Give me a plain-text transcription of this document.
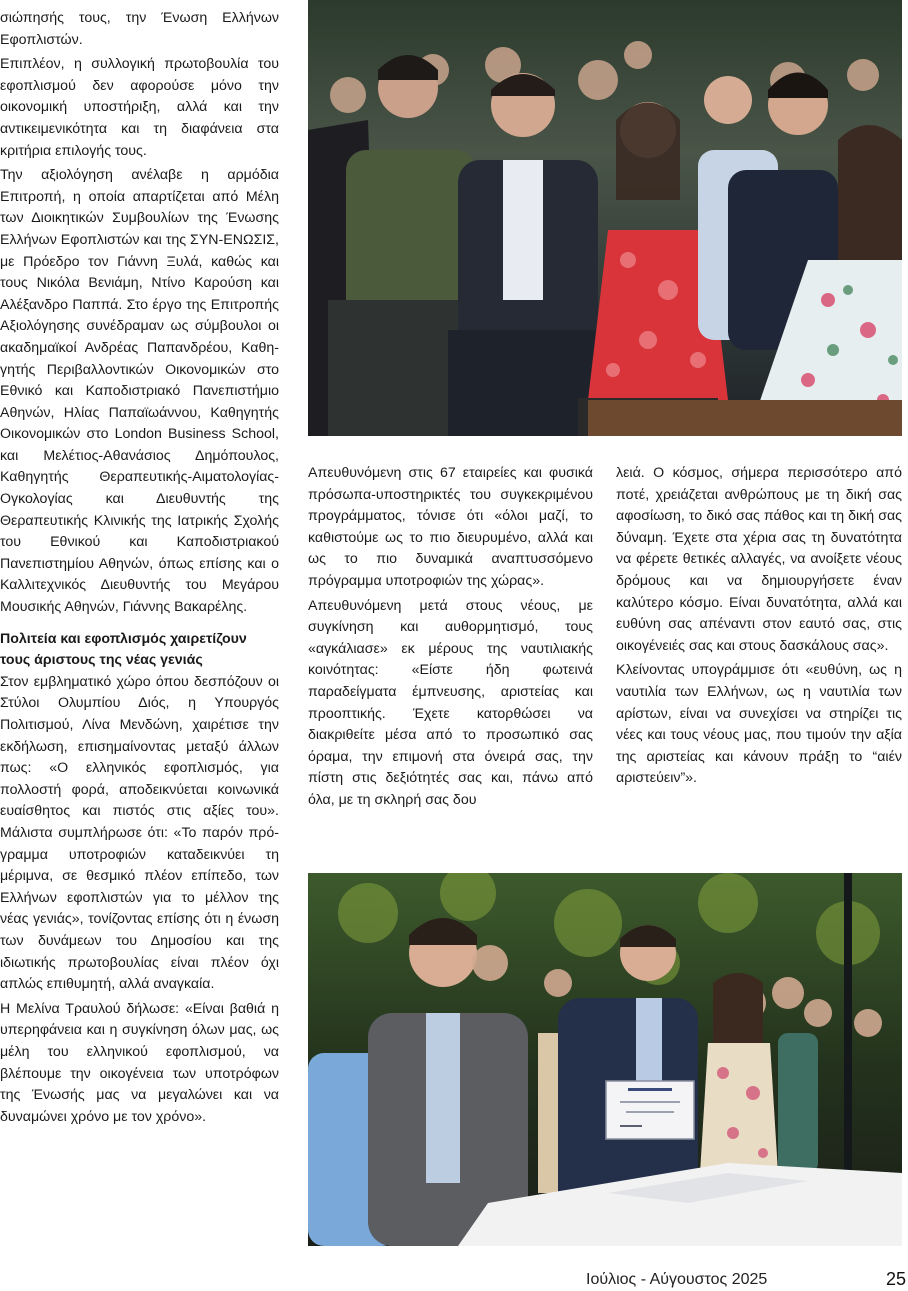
σιώπησής τους, την Ένωση Ελλήνων Εφοπλιστών.

Επιπλέον, η συλλογική πρωτοβουλία του εφοπλισμού δεν αφορούσε μόνο την οικονομική υποστήριξη, αλλά και την αντικειμενικότητα και τη διαφάνεια στα κριτήρια επιλογής τους.

Την αξιολόγηση ανέλαβε η αρμόδια Επιτροπή, η οποία απαρτίζεται από Μέλη των Διοικητικών Συμβουλίων της Ένωσης Ελλήνων Εφοπλιστών και της ΣΥΝ-ΕΝΩΣΙΣ, με Πρόεδρο τον Γιάννη Ξυλά, καθώς και τους Νικόλα Βενιάμη, Ντίνο Καρούση και Αλέξανδρο Παππά. Στο έργο της Επιτροπής Αξιολόγησης συνέδραμαν ως σύμβουλοι οι ακαδημαϊκοί Ανδρέας Παπανδρέου, Καθηγητής Περιβαλλοντικών Οικονομικών στο Εθνικό και Καποδιστριακό Πανεπιστήμιο Αθηνών, Ηλίας Παπαϊωάννου, Καθηγητής Οικονομικών στο London Business School, και Μελέτιος-Αθανάσιος Δημόπουλος, Καθηγητής Θεραπευτικής-Αιματολογίας-Ογκολογίας και Διευθυντής της Θεραπευτικής Κλινικής της Ιατρικής Σχολής του Εθνικού και Καποδιστριακού Πανεπιστημίου Αθηνών, όπως επίσης και ο Καλλιτεχνικός Διευθυντής του Μεγάρου Μουσικής Αθηνών, Γιάννης Βακαρέλης.

Πολιτεία και εφοπλισμός χαιρετίζουν τους άριστους της νέας γενιάς

Στον εμβληματικό χώρο όπου δεσπόζουν οι Στύλοι Ολυμπίου Διός, η Υπουργός Πολιτισμού, Λίνα Μενδώνη, χαιρέτισε την εκδήλωση, επισημαίνοντας μεταξύ άλλων πως: «Ο ελληνικός εφοπλισμός, για πολλοστή φορά, αποδεικνύεται κοινωνικά ευαίσθητος και πιστός στις αξίες του». Μάλιστα συμπλήρωσε ότι: «Το παρόν πρόγραμμα υποτροφιών καταδεικνύει τη μέριμνα, σε θεσμικό πλέον επίπεδο, των Ελλήνων εφοπλιστών για το μέλλον της νέας γενιάς», τονίζοντας επίσης ότι η ένωση των δυνάμεων του Δημοσίου και της ιδιωτικής πρωτοβουλίας είναι πλέον όχι απλώς επιθυμητή, αλλά αναγκαία.

Η Μελίνα Τραυλού δήλωσε: «Είναι βαθιά η υπερηφάνεια και η συγκίνηση όλων μας, ως μέλη του ελληνικού εφοπλισμού, να βλέπουμε την οικογένεια των υποτρόφων της Ένωσής μας να μεγαλώνει και να δυναμώνει χρόνο με τον χρόνο».

Απευθυνόμενη στις 67 εταιρείες και φυσικά πρόσωπα-υποστηρικτές του συγκεκριμένου προγράμματος, τόνισε ότι «όλοι μαζί, το καθιστούμε ως το πιο διευρυμένο, αλλά και ως το πιο δυναμικά αναπτυσσόμενο πρόγραμμα υποτροφιών της χώρας».

Απευθυνόμενη μετά στους νέους, με συγκίνηση και αυθορμητισμό, τους «αγκάλιασε» εκ μέρους της ναυτιλιακής κοινότητας: «Είστε ήδη φωτεινά παραδείγματα έμπνευσης, αριστείας και προοπτικής. Έχετε κατορθώσει να διακριθείτε μέσα από το προσωπικό σας όραμα, την επιμονή στα όνειρά σας, την πίστη στις δεξιότητές σας και, πάνω από όλα, με τη σκληρή σας δου

λειά. Ο κόσμος, σήμερα περισσότερο από ποτέ, χρειάζεται ανθρώπους με τη δική σας αφοσίωση, το δικό σας πάθος και τη δική σας δύναμη. Έχετε στα χέρια σας τη δυνατότητα να φέρετε θετικές αλλαγές, να ανοίξετε νέους δρόμους και να δημιουργήσετε έναν καλύτερο κόσμο. Είναι δυνατότητα, αλλά και ευθύνη σας απέναντι στον εαυτό σας, στις οικογένειές σας και στους δασκάλους σας».

Κλείνοντας υπογράμμισε ότι «ευθύνη, ως η ναυτιλία των Ελλήνων, ως η ναυτιλία των αρίστων, είναι να συνεχίσει να στηρίζει τις νέες και τους νέους μας, που τιμούν την αξία της αριστείας και κάνουν πράξη το “αιέν αριστεύειν”».

Ιούλιος - Αύγουστος 2025	25
